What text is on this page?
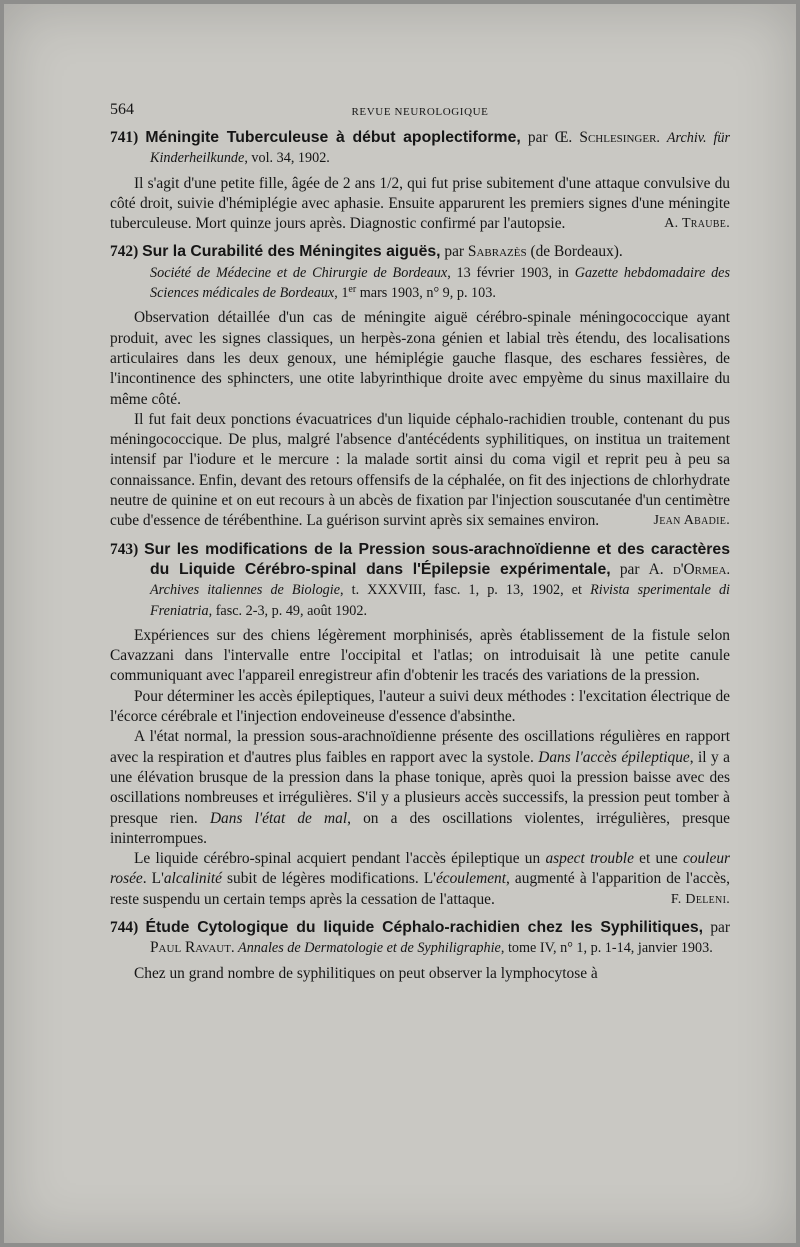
564	REVUE NEUROLOGIQUE

741) Méningite Tuberculeuse à début apoplectiforme, par Œ. Schlesinger. Archiv. für Kinderheilkunde, vol. 34, 1902.

Il s'agit d'une petite fille, âgée de 2 ans 1/2, qui fut prise subitement d'une attaque convulsive du côté droit, suivie d'hémiplégie avec aphasie. Ensuite apparurent les premiers signes d'une méningite tuberculeuse. Mort quinze jours après. Diagnostic confirmé par l'autopsie.	A. Traube.

742) Sur la Curabilité des Méningites aiguës, par Sabrazès (de Bordeaux).
Société de Médecine et de Chirurgie de Bordeaux, 13 février 1903, in Gazette hebdomadaire des Sciences médicales de Bordeaux, 1er mars 1903, n° 9, p. 103.

Observation détaillée d'un cas de méningite aiguë cérébro-spinale méningococcique ayant produit, avec les signes classiques, un herpès-zona génien et labial très étendu, des localisations articulaires dans les deux genoux, une hémiplégie gauche flasque, des eschares fessières, de l'incontinence des sphincters, une otite labyrinthique droite avec empyème du sinus maxillaire du même côté.

Il fut fait deux ponctions évacuatrices d'un liquide céphalo-rachidien trouble, contenant du pus méningococcique. De plus, malgré l'absence d'antécédents syphilitiques, on institua un traitement intensif par l'iodure et le mercure : la malade sortit ainsi du coma vigil et reprit peu à peu sa connaissance. Enfin, devant des retours offensifs de la céphalée, on fit des injections de chlorhydrate neutre de quinine et on eut recours à un abcès de fixation par l'injection souscutanée d'un centimètre cube d'essence de térébenthine. La guérison survint après six semaines environ.	Jean Abadie.

743) Sur les modifications de la Pression sous-arachnoïdienne et des caractères du Liquide Cérébro-spinal dans l'Épilepsie expérimentale, par A. d'Ormea. Archives italiennes de Biologie, t. XXXVIII, fasc. 1, p. 13, 1902, et Rivista sperimentale di Freniatria, fasc. 2-3, p. 49, août 1902.

Expériences sur des chiens légèrement morphinisés, après établissement de la fistule selon Cavazzani dans l'intervalle entre l'occipital et l'atlas; on introduisait là une petite canule communiquant avec l'appareil enregistreur afin d'obtenir les tracés des variations de la pression.

Pour déterminer les accès épileptiques, l'auteur a suivi deux méthodes : l'excitation électrique de l'écorce cérébrale et l'injection endoveineuse d'essence d'absinthe.

A l'état normal, la pression sous-arachnoïdienne présente des oscillations régulières en rapport avec la respiration et d'autres plus faibles en rapport avec la systole. Dans l'accès épileptique, il y a une élévation brusque de la pression dans la phase tonique, après quoi la pression baisse avec des oscillations nombreuses et irrégulières. S'il y a plusieurs accès successifs, la pression peut tomber à presque rien. Dans l'état de mal, on a des oscillations violentes, irrégulières, presque ininterrompues.

Le liquide cérébro-spinal acquiert pendant l'accès épileptique un aspect trouble et une couleur rosée. L'alcalinité subit de légères modifications. L'écoulement, augmenté à l'apparition de l'accès, reste suspendu un certain temps après la cessation de l'attaque.	F. Deleni.

744) Étude Cytologique du liquide Céphalo-rachidien chez les Syphilitiques, par Paul Ravaut. Annales de Dermatologie et de Syphiligraphie, tome IV, n° 1, p. 1-14, janvier 1903.

Chez un grand nombre de syphilitiques on peut observer la lymphocytose à
